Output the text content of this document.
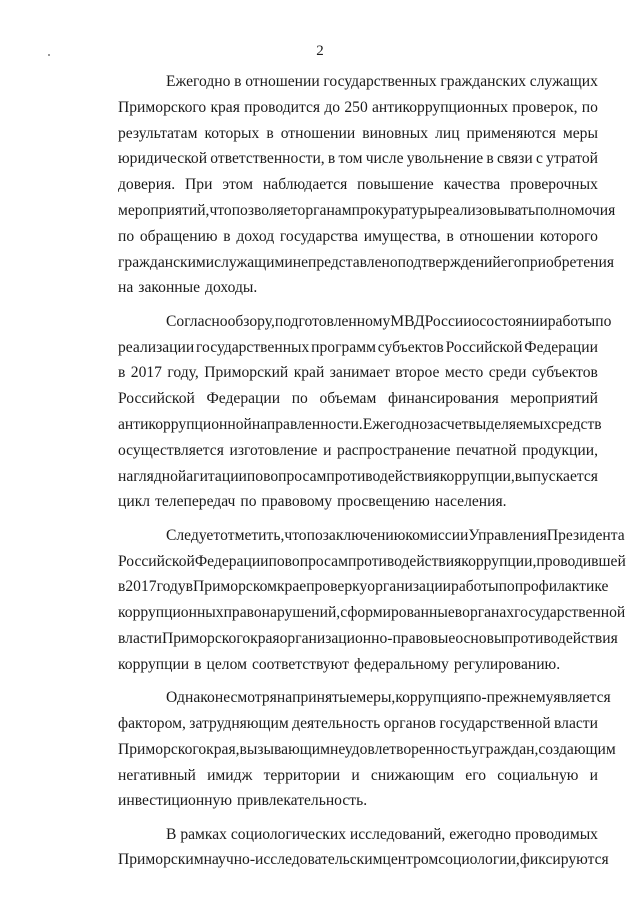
2
Ежегодно в отношении государственных гражданских служащих
Приморского края проводится до 250 антикоррупционных проверок, по
результатам которых в отношении виновных лиц применяются меры
юридической ответственности, в том числе увольнение в связи с утратой
доверия. При этом наблюдается повышение качества проверочных
мероприятий, что позволяет органам прокуратуры реализовывать полномочия
по обращению в доход государства имущества, в отношении которого
гражданскими служащими не представлено подтверждений его приобретения
на законные доходы.
Согласно обзору, подготовленному МВД России о состоянии работы по
реализации государственных программ субъектов Российской Федерации
в 2017 году, Приморский край занимает второе место среди субъектов
Российской Федерации по объемам финансирования мероприятий
антикоррупционной направленности. Ежегодно за счет выделяемых средств
осуществляется изготовление и распространение печатной продукции,
наглядной агитации по вопросам противодействия коррупции, выпускается
цикл телепередач по правовому просвещению населения.
Следует отметить, что по заключению комиссии Управления Президента
Российской Федерации по вопросам противодействия коррупции, проводившей
в 2017 году в Приморском крае проверку организации работы по профилактике
коррупционных правонарушений, сформированные в органах государственной
власти Приморского края организационно-правовые основы противодействия
коррупции в целом соответствуют федеральному регулированию.
Однако несмотря на принятые меры, коррупция по-прежнему является
фактором, затрудняющим деятельность органов государственной власти
Приморского края, вызывающим неудовлетворенность у граждан, создающим
негативный имидж территории и снижающим его социальную и
инвестиционную привлекательность.
В рамках социологических исследований, ежегодно проводимых
Приморским научно-исследовательским центром социологии, фиксируются
